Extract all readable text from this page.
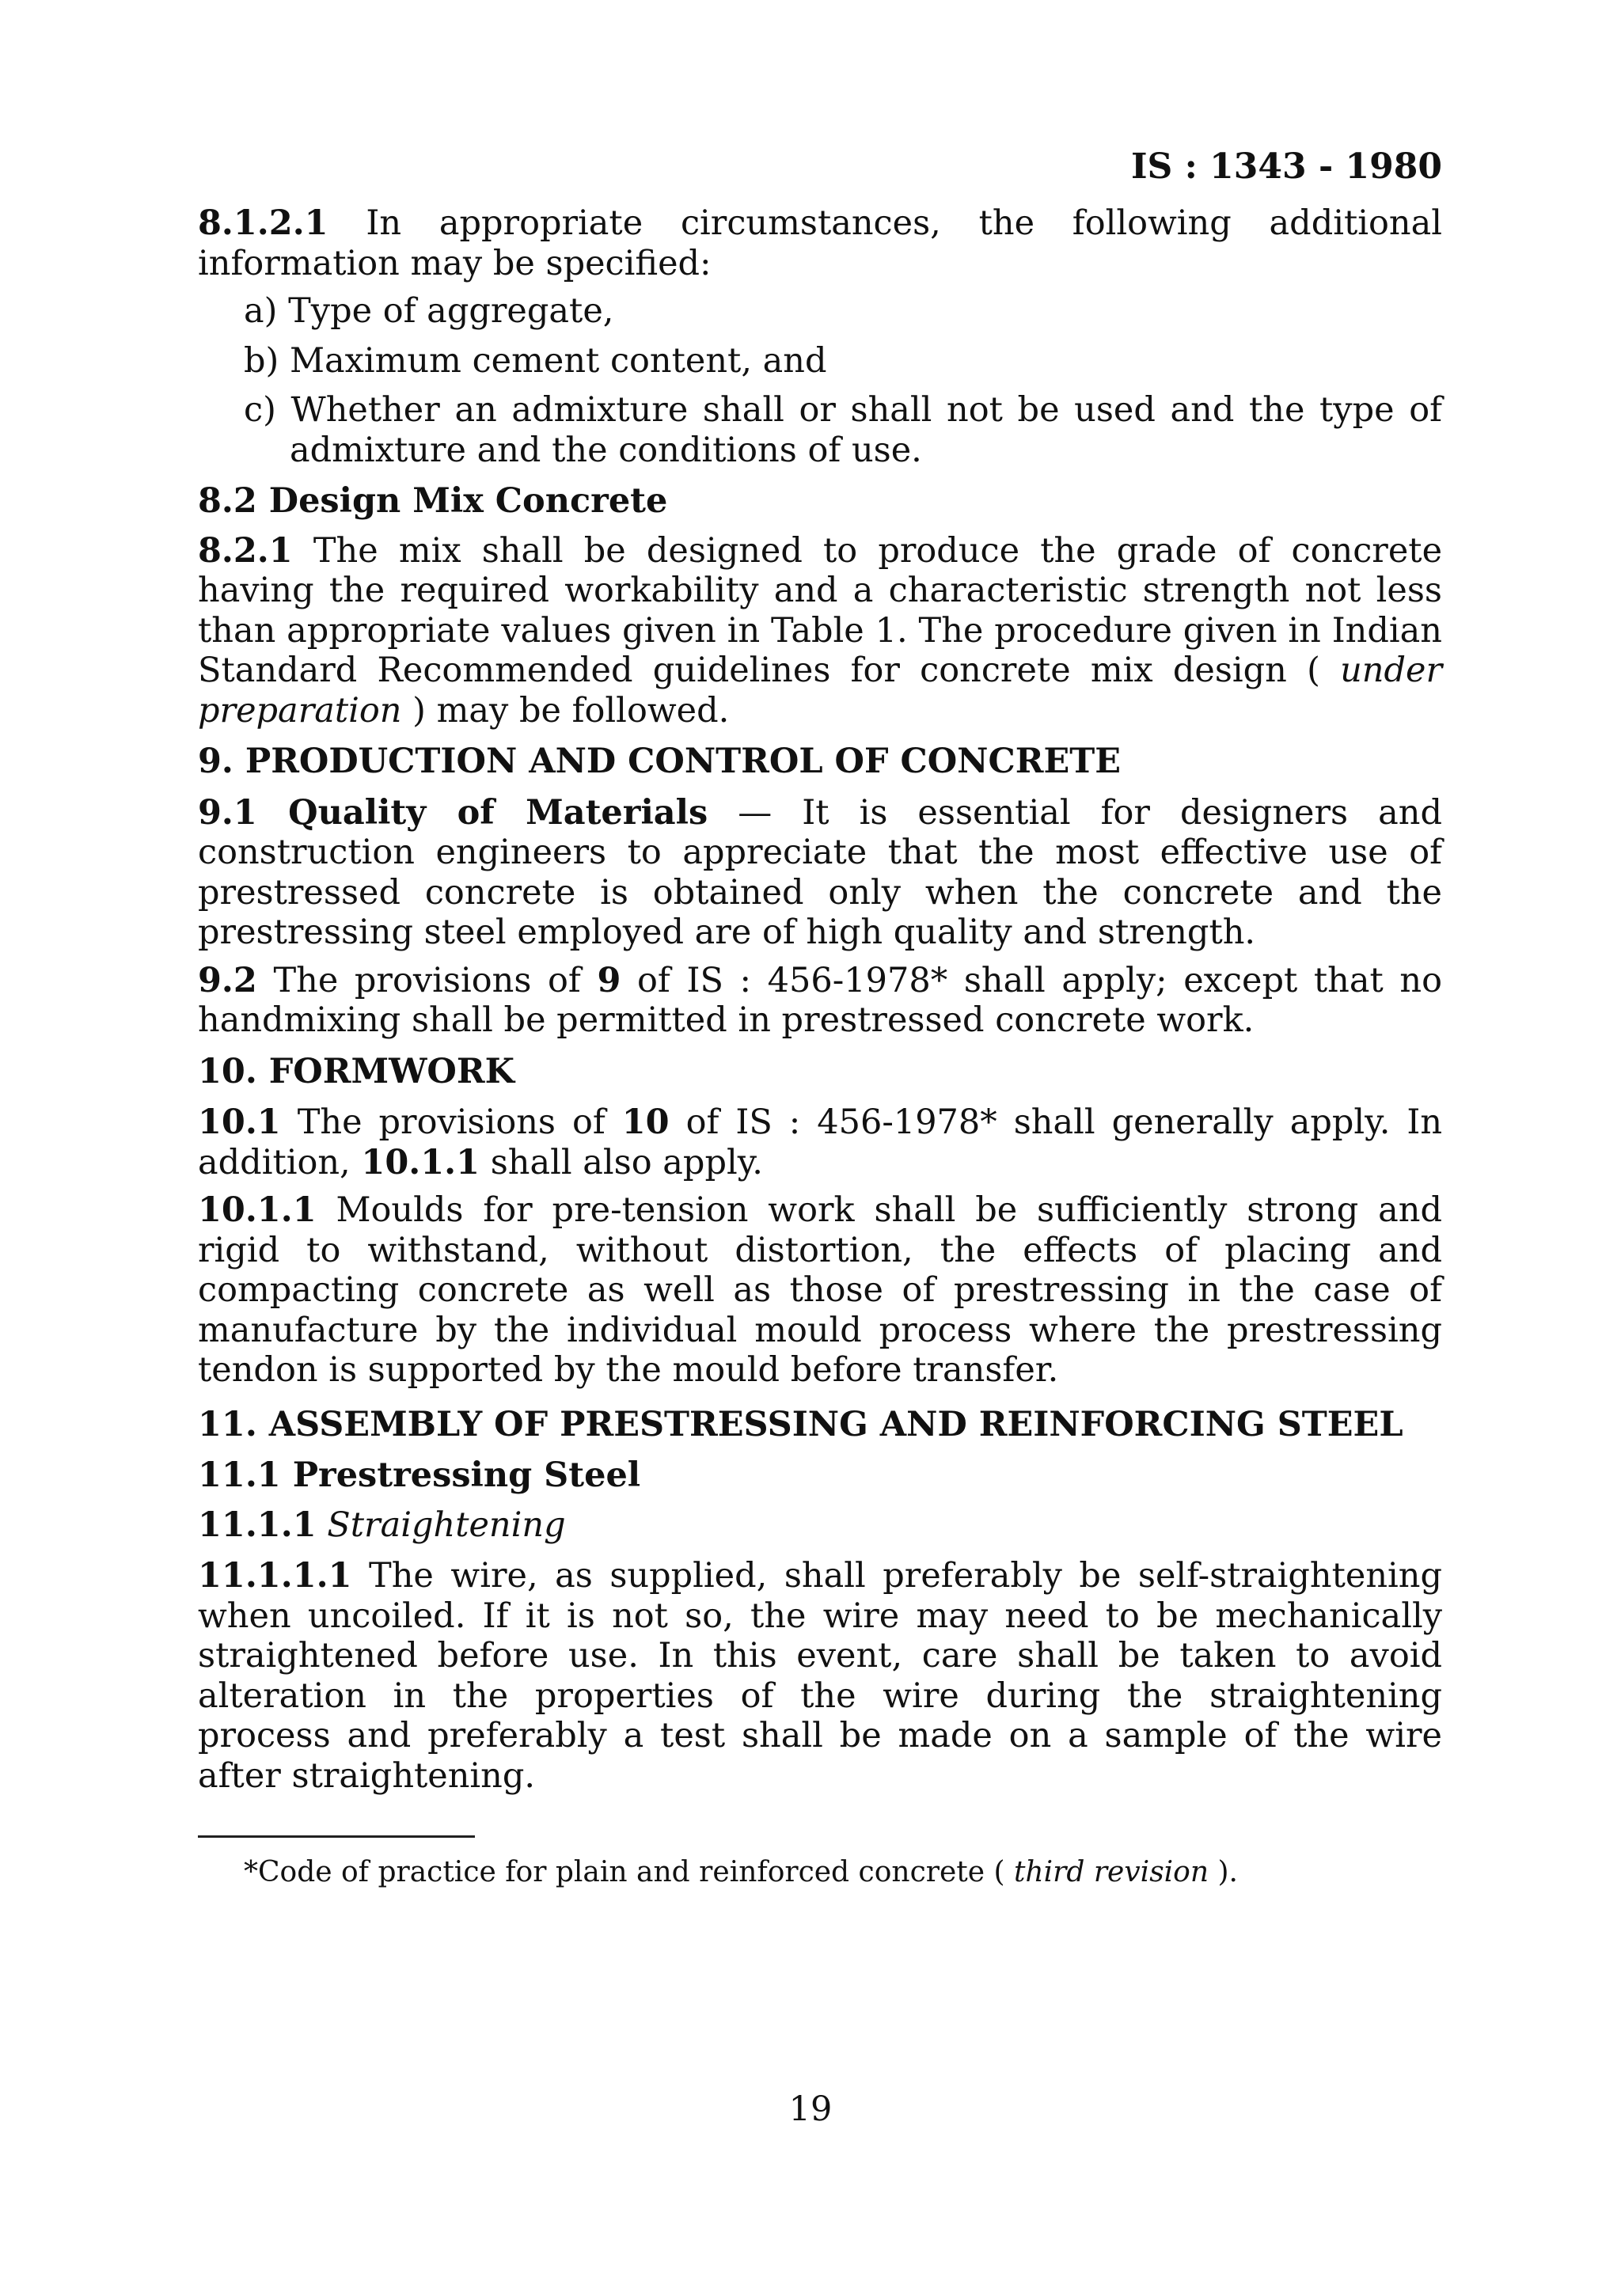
IS : 1343 - 1980

8.1.2.1 In appropriate circumstances, the following additional information may be specified:

a) Type of aggregate,
b) Maximum cement content, and
c) Whether an admixture shall or shall not be used and the type of admixture and the conditions of use.
8.2 Design Mix Concrete

8.2.1 The mix shall be designed to produce the grade of concrete having the required workability and a characteristic strength not less than appropriate values given in Table 1. The procedure given in Indian Standard Recommended guidelines for concrete mix design ( under preparation ) may be followed.

9. PRODUCTION AND CONTROL OF CONCRETE

9.1 Quality of Materials — It is essential for designers and construction engineers to appreciate that the most effective use of prestressed concrete is obtained only when the concrete and the prestressing steel employed are of high quality and strength.

9.2 The provisions of 9 of IS : 456-1978* shall apply; except that no handmixing shall be permitted in prestressed concrete work.

10. FORMWORK

10.1 The provisions of 10 of IS : 456-1978* shall generally apply. In addition, 10.1.1 shall also apply.

10.1.1 Moulds for pre-tension work shall be sufficiently strong and rigid to withstand, without distortion, the effects of placing and compacting concrete as well as those of prestressing in the case of manufacture by the individual mould process where the prestressing tendon is supported by the mould before transfer.

11. ASSEMBLY OF PRESTRESSING AND REINFORCING STEEL
11.1 Prestressing Steel
11.1.1 Straightening

11.1.1.1 The wire, as supplied, shall preferably be self-straightening when uncoiled. If it is not so, the wire may need to be mechanically straightened before use. In this event, care shall be taken to avoid alteration in the properties of the wire during the straightening process and preferably a test shall be made on a sample of the wire after straightening.

*Code of practice for plain and reinforced concrete ( third revision ).
19
